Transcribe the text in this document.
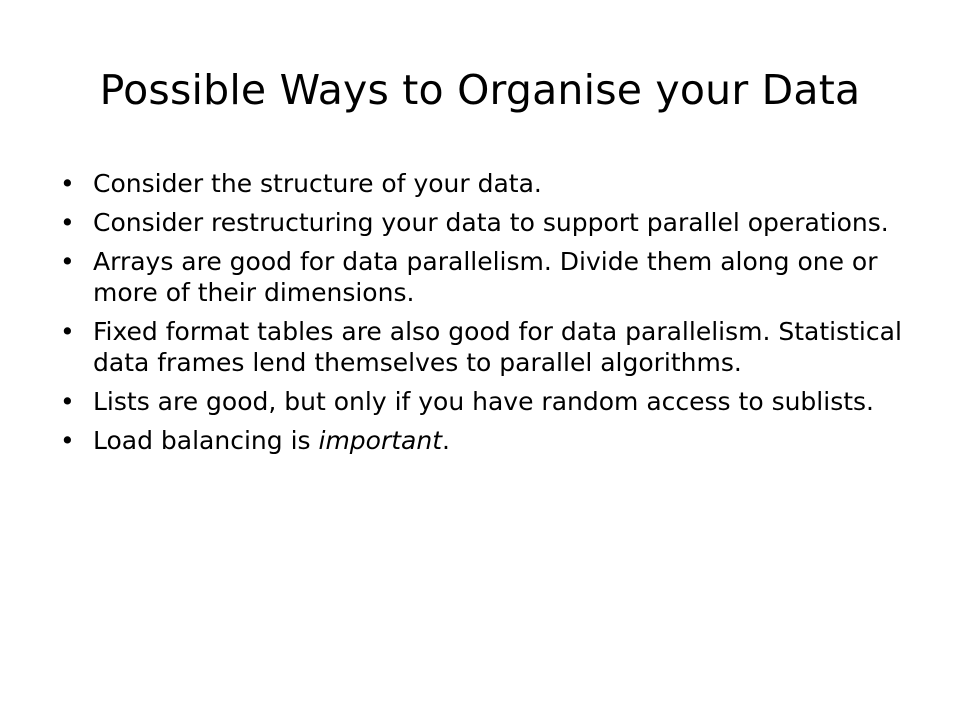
Possible Ways to Organise your Data
• Consider the structure of your data.
• Consider restructuring your data to support parallel operations.
• Arrays are good for data parallelism. Divide them along one or more of their dimensions.
• Fixed format tables are also good for data parallelism. Statistical data frames lend themselves to parallel algorithms.
• Lists are good, but only if you have random access to sublists.
• Load balancing is important.
